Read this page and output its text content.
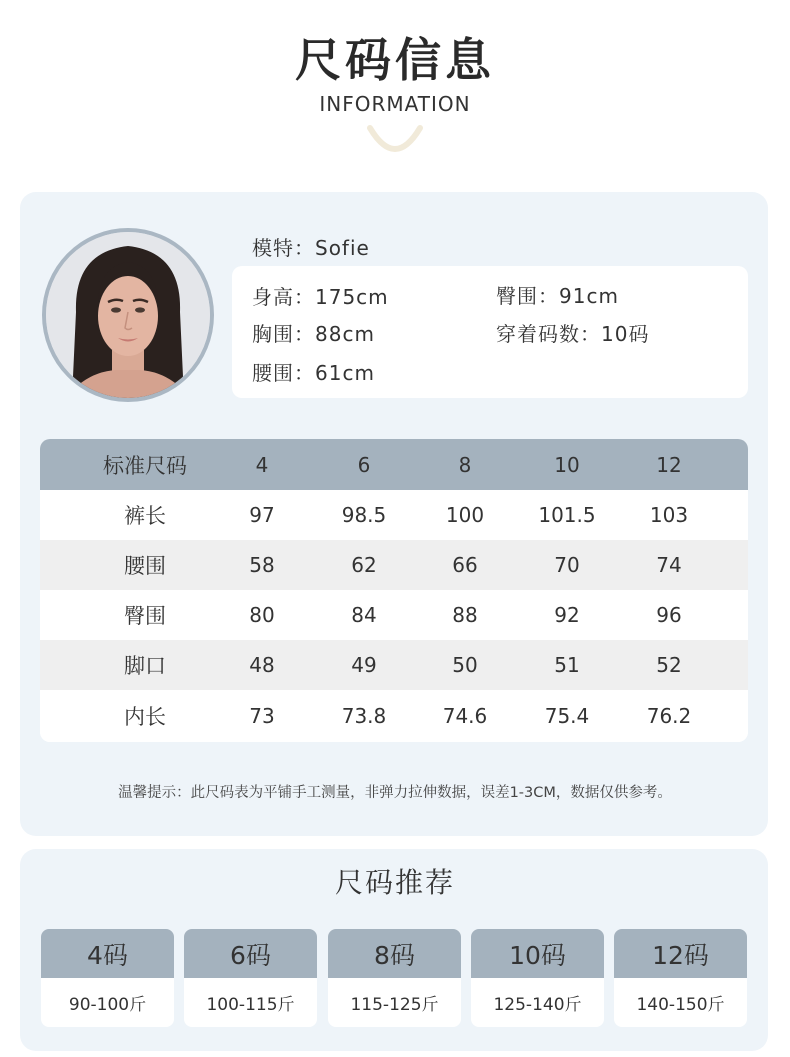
尺码信息
INFORMATION
模特：Sofie
身高：175cm	臀围：91cm
胸围：88cm	穿着码数：10码
腰围：61cm
标准尺码	4	6	8	10	12
裤长	97	98.5	100	101.5	103
腰围	58	62	66	70	74
臀围	80	84	88	92	96
脚口	48	49	50	51	52
内长	73	73.8	74.6	75.4	76.2
温馨提示：此尺码表为平铺手工测量，非弹力拉伸数据，误差1-3CM，数据仅供参考。
尺码推荐
4码
90-100斤
6码
100-115斤
8码
115-125斤
10码
125-140斤
12码
140-150斤
